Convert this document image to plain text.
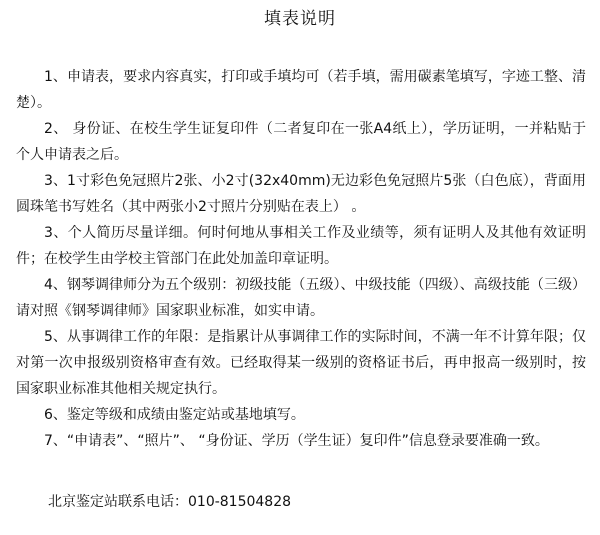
填表说明

1、申请表，要求内容真实，打印或手填均可（若手填，需用碳素笔填写，字迹工整、清楚）。

2、 身份证、在校生学生证复印件（二者复印在一张A4纸上），学历证明，一并粘贴于个人申请表之后。

3、1寸彩色免冠照片2张、小2寸(32x40mm)无边彩色免冠照片5张（白色底），背面用圆珠笔书写姓名（其中两张小2寸照片分别贴在表上） 。

3、个人简历尽量详细。何时何地从事相关工作及业绩等，须有证明人及其他有效证明件；在校学生由学校主管部门在此处加盖印章证明。

4、钢琴调律师分为五个级别：初级技能（五级）、中级技能（四级）、高级技能（三级）请对照《钢琴调律师》国家职业标准，如实申请。

5、从事调律工作的年限：是指累计从事调律工作的实际时间，不满一年不计算年限；仅对第一次申报级别资格审查有效。已经取得某一级别的资格证书后，再申报高一级别时，按国家职业标准其他相关规定执行。

6、鉴定等级和成绩由鉴定站或基地填写。

7、“申请表”、“照片”、 “身份证、学历（学生证）复印件”信息登录要准确一致。

北京鉴定站联系电话：010-81504828
